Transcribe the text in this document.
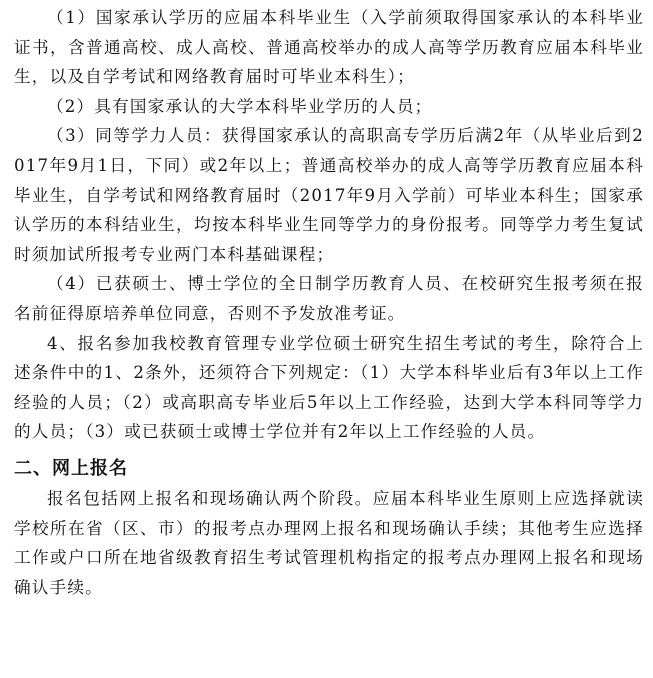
（1）国家承认学历的应届本科毕业生（入学前须取得国家承认的本科毕业证书，含普通高校、成人高校、普通高校举办的成人高等学历教育应届本科毕业生，以及自学考试和网络教育届时可毕业本科生）；

（2）具有国家承认的大学本科毕业学历的人员；

（3）同等学力人员：获得国家承认的高职高专学历后满2年（从毕业后到2017年9月1日，下同）或2年以上；普通高校举办的成人高等学历教育应届本科毕业生，自学考试和网络教育届时（2017年9月入学前）可毕业本科生；国家承认学历的本科结业生，均按本科毕业生同等学力的身份报考。同等学力考生复试时须加试所报考专业两门本科基础课程；

（4）已获硕士、博士学位的全日制学历教育人员、在校研究生报考须在报名前征得原培养单位同意，否则不予发放准考证。

4、报名参加我校教育管理专业学位硕士研究生招生考试的考生，除符合上述条件中的1、2条外，还须符合下列规定：（1）大学本科毕业后有3年以上工作经验的人员；（2）或高职高专毕业后5年以上工作经验，达到大学本科同等学力的人员；（3）或已获硕士或博士学位并有2年以上工作经验的人员。

二、网上报名

报名包括网上报名和现场确认两个阶段。应届本科毕业生原则上应选择就读学校所在省（区、市）的报考点办理网上报名和现场确认手续；其他考生应选择工作或户口所在地省级教育招生考试管理机构指定的报考点办理网上报名和现场确认手续。
